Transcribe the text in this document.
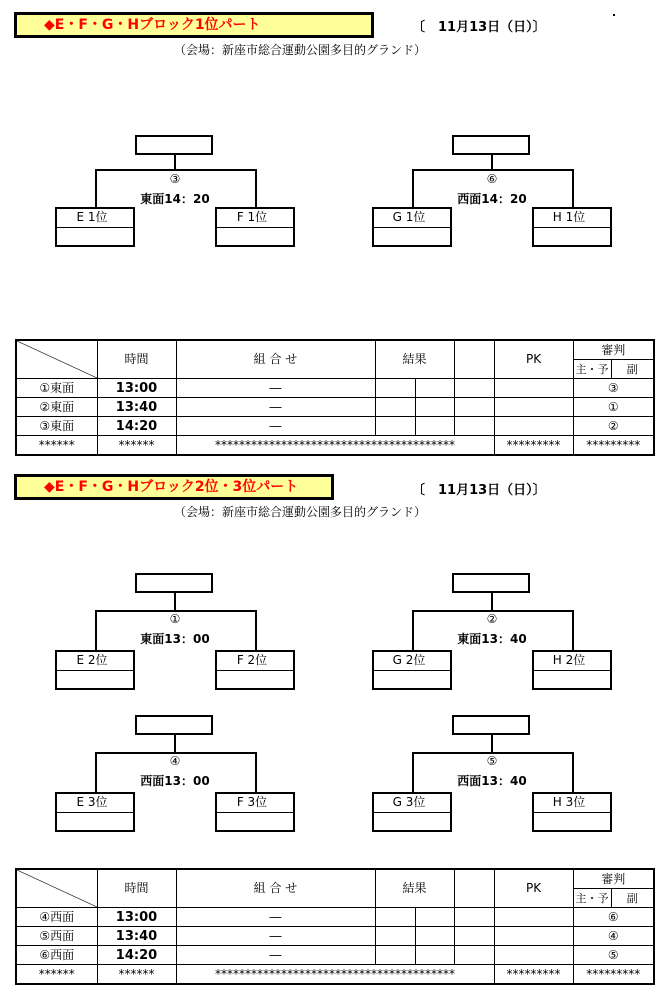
◆E・F・G・Hブロック1位パート	〔　11月13日（日）〕
（会場：新座市総合運動公園多目的グランド）
③
東面14：20
E 1位	F 1位
⑥
西面14：20
G 1位	H 1位
	時間	組 合 せ	結果			PK	審判	
							主・予	副
①東面	13:00	―					③	
②東面	13:40	―					①	
③東面	14:20	―					②	
******	******	****************************************				*********	*********	
◆E・F・G・Hブロック2位・3位パート	〔　11月13日（日）〕
（会場：新座市総合運動公園多目的グランド）
①
東面13：00
E 2位	F 2位
②
東面13：40
G 2位	H 2位
④
西面13：00
E 3位	F 3位
⑤
西面13：40
G 3位	H 3位
	時間	組 合 せ	結果			PK	審判	
							主・予	副
④西面	13:00	―					⑥	
⑤西面	13:40	―					④	
⑥西面	14:20	―					⑤	
******	******	****************************************				*********	*********	
